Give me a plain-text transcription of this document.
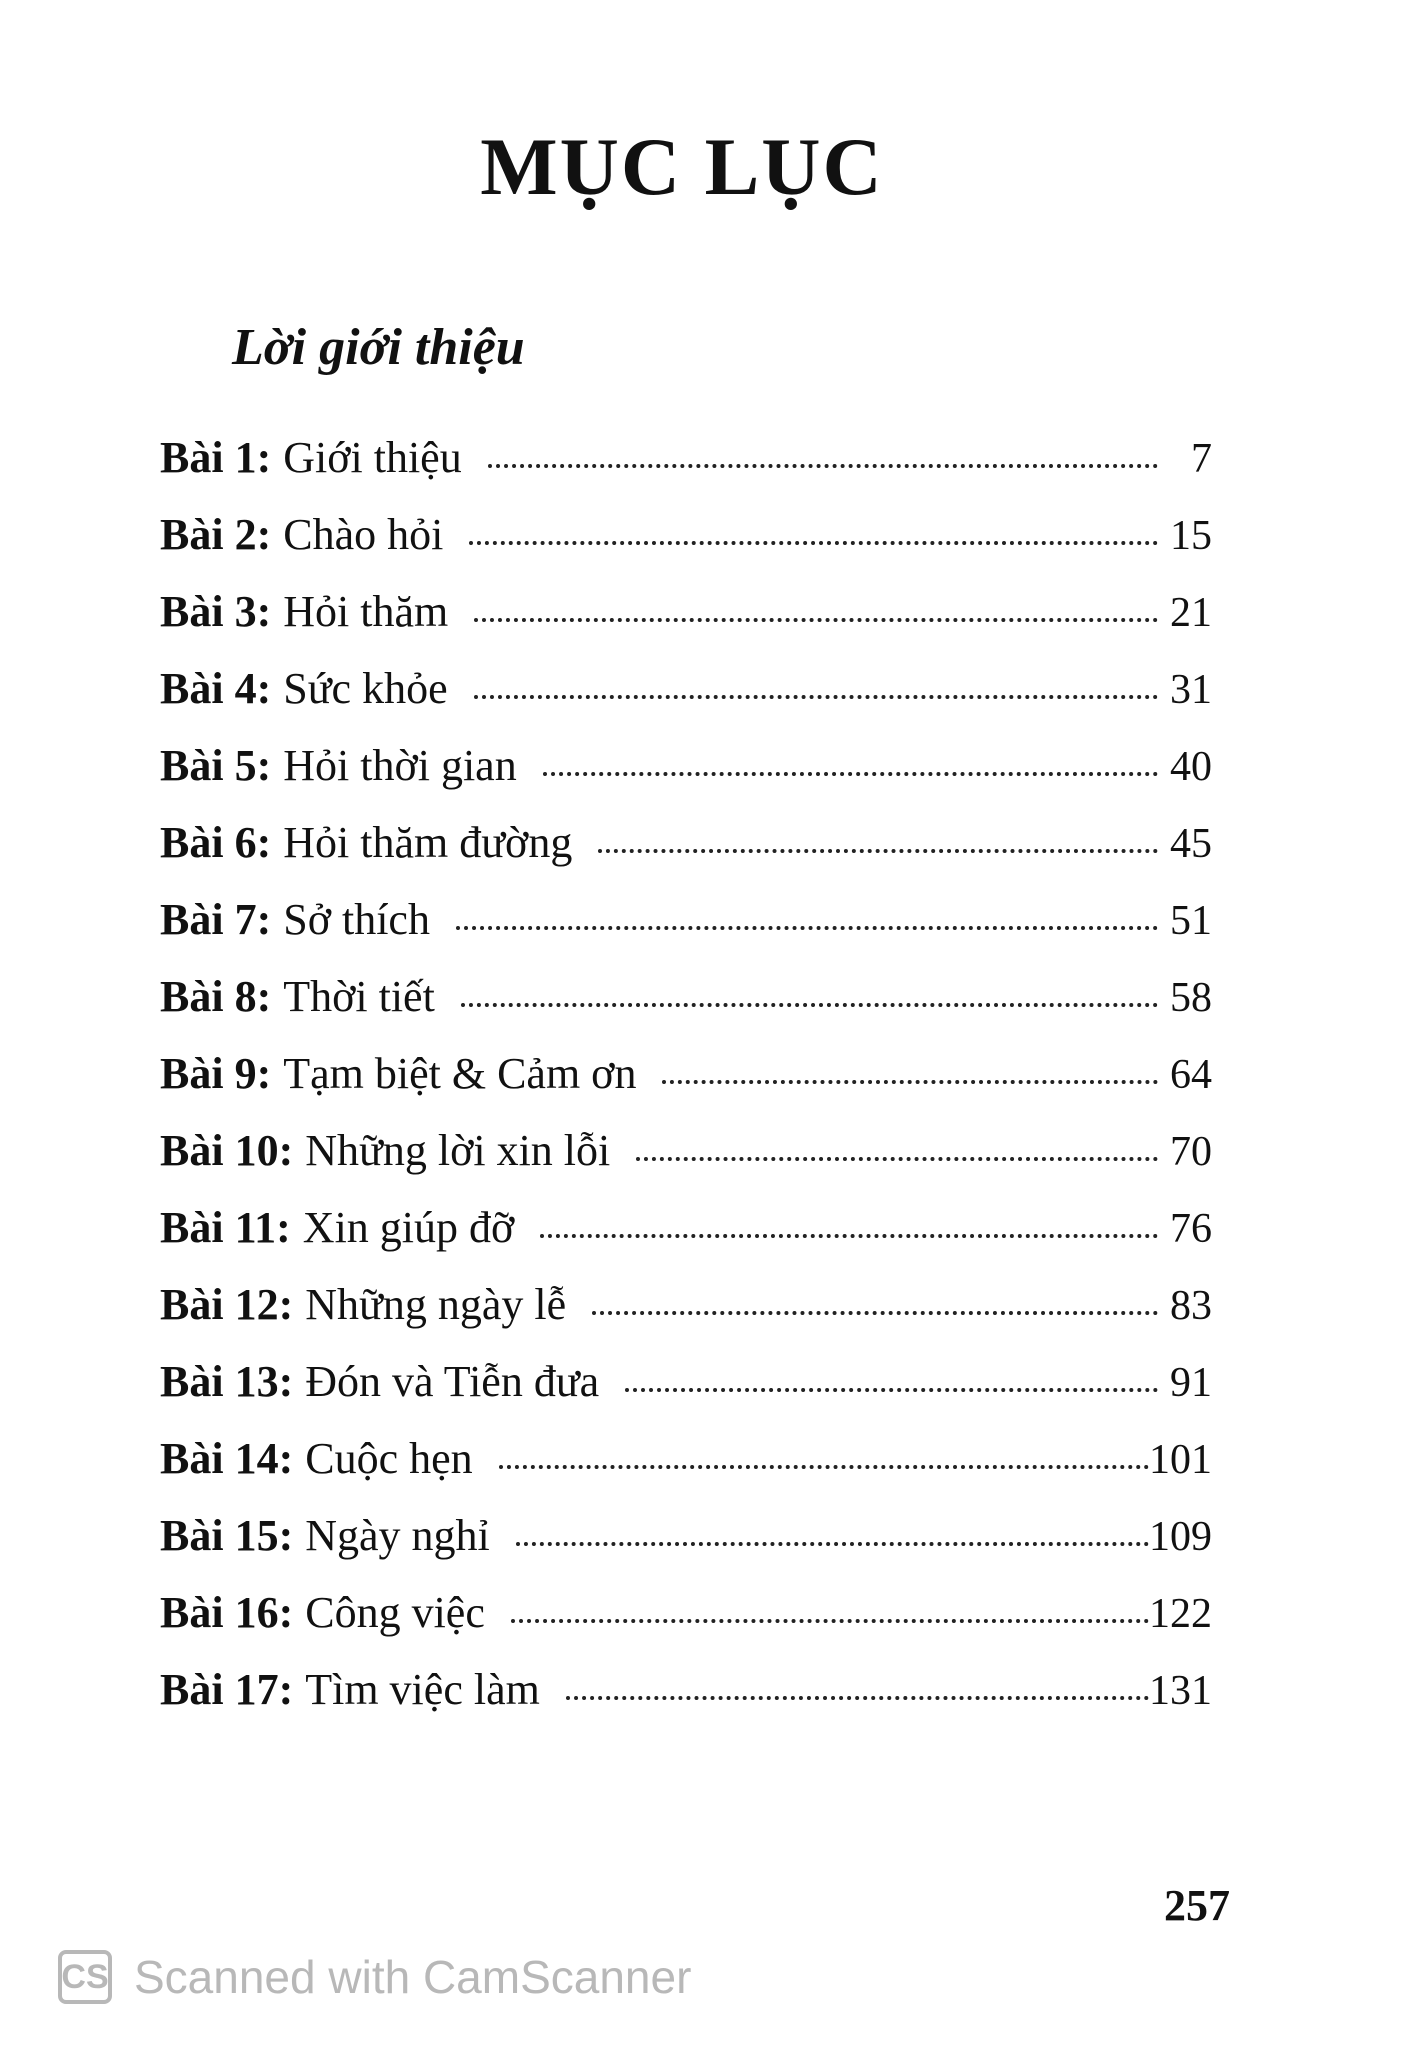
MỤC LỤC
Lời giới thiệu
Bài 1: Giới thiệu	7
Bài 2: Chào hỏi	15
Bài 3: Hỏi thăm	21
Bài 4: Sức khỏe	31
Bài 5: Hỏi thời gian	40
Bài 6: Hỏi thăm đường	45
Bài 7: Sở thích	51
Bài 8: Thời tiết	58
Bài 9: Tạm biệt & Cảm ơn	64
Bài 10: Những lời xin lỗi	70
Bài 11: Xin giúp đỡ	76
Bài 12: Những ngày lễ	83
Bài 13: Đón và Tiễn đưa	91
Bài 14: Cuộc hẹn	101
Bài 15: Ngày nghỉ	109
Bài 16: Công việc	122
Bài 17: Tìm việc làm	131
257
CS Scanned with CamScanner
